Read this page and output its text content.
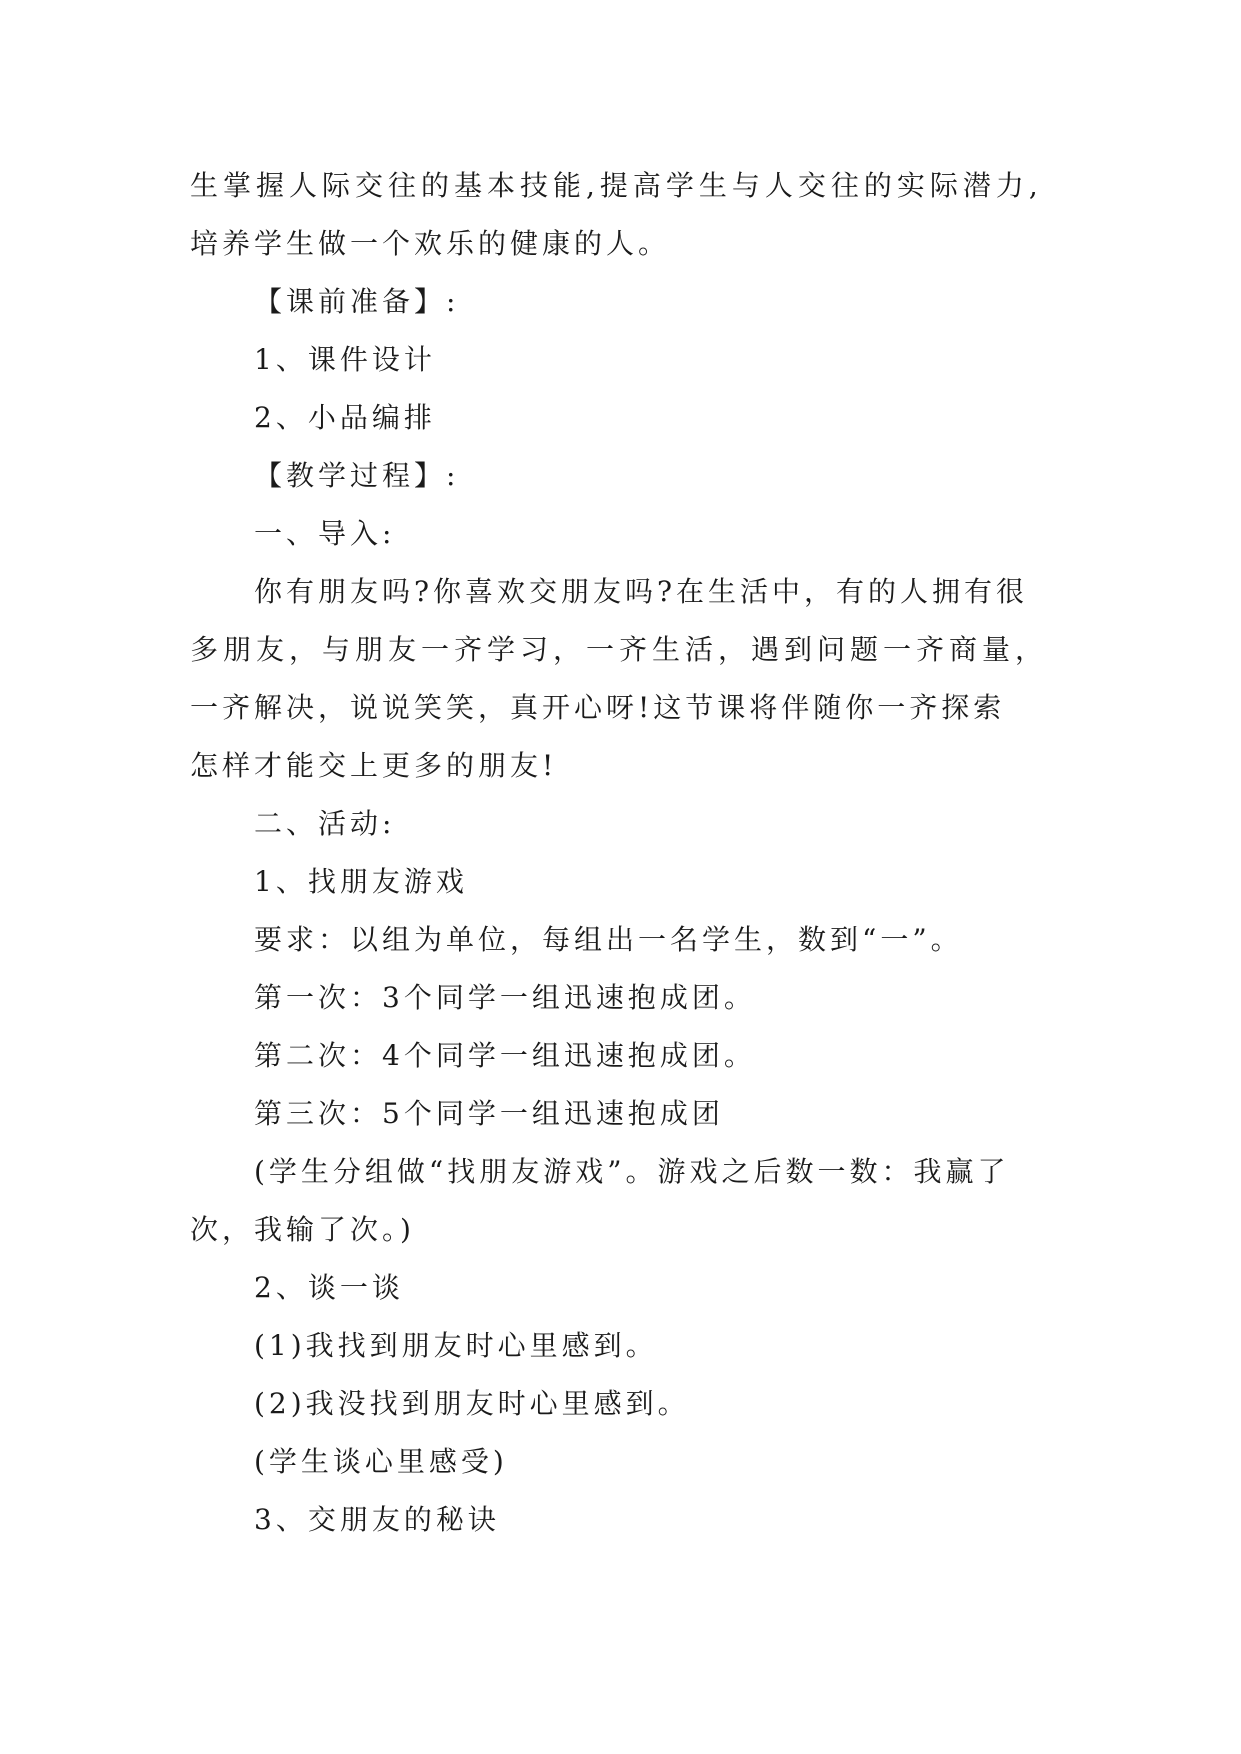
生掌握人际交往的基本技能,提高学生与人交往的实际潜力,
培养学生做一个欢乐的健康的人。
【课前准备】:
1、课件设计
2、小品编排
【教学过程】:
一、导入:
你有朋友吗?你喜欢交朋友吗?在生活中，有的人拥有很
多朋友，与朋友一齐学习，一齐生活，遇到问题一齐商量，
一齐解决，说说笑笑，真开心呀!这节课将伴随你一齐探索
怎样才能交上更多的朋友!
二、活动:
1、找朋友游戏
要求：以组为单位，每组出一名学生，数到“一”。
第一次：3个同学一组迅速抱成团。
第二次：4个同学一组迅速抱成团。
第三次：5个同学一组迅速抱成团
(学生分组做“找朋友游戏”。游戏之后数一数：我赢了
次，我输了次。)
2、谈一谈
(1)我找到朋友时心里感到。
(2)我没找到朋友时心里感到。
(学生谈心里感受)
3、交朋友的秘诀
